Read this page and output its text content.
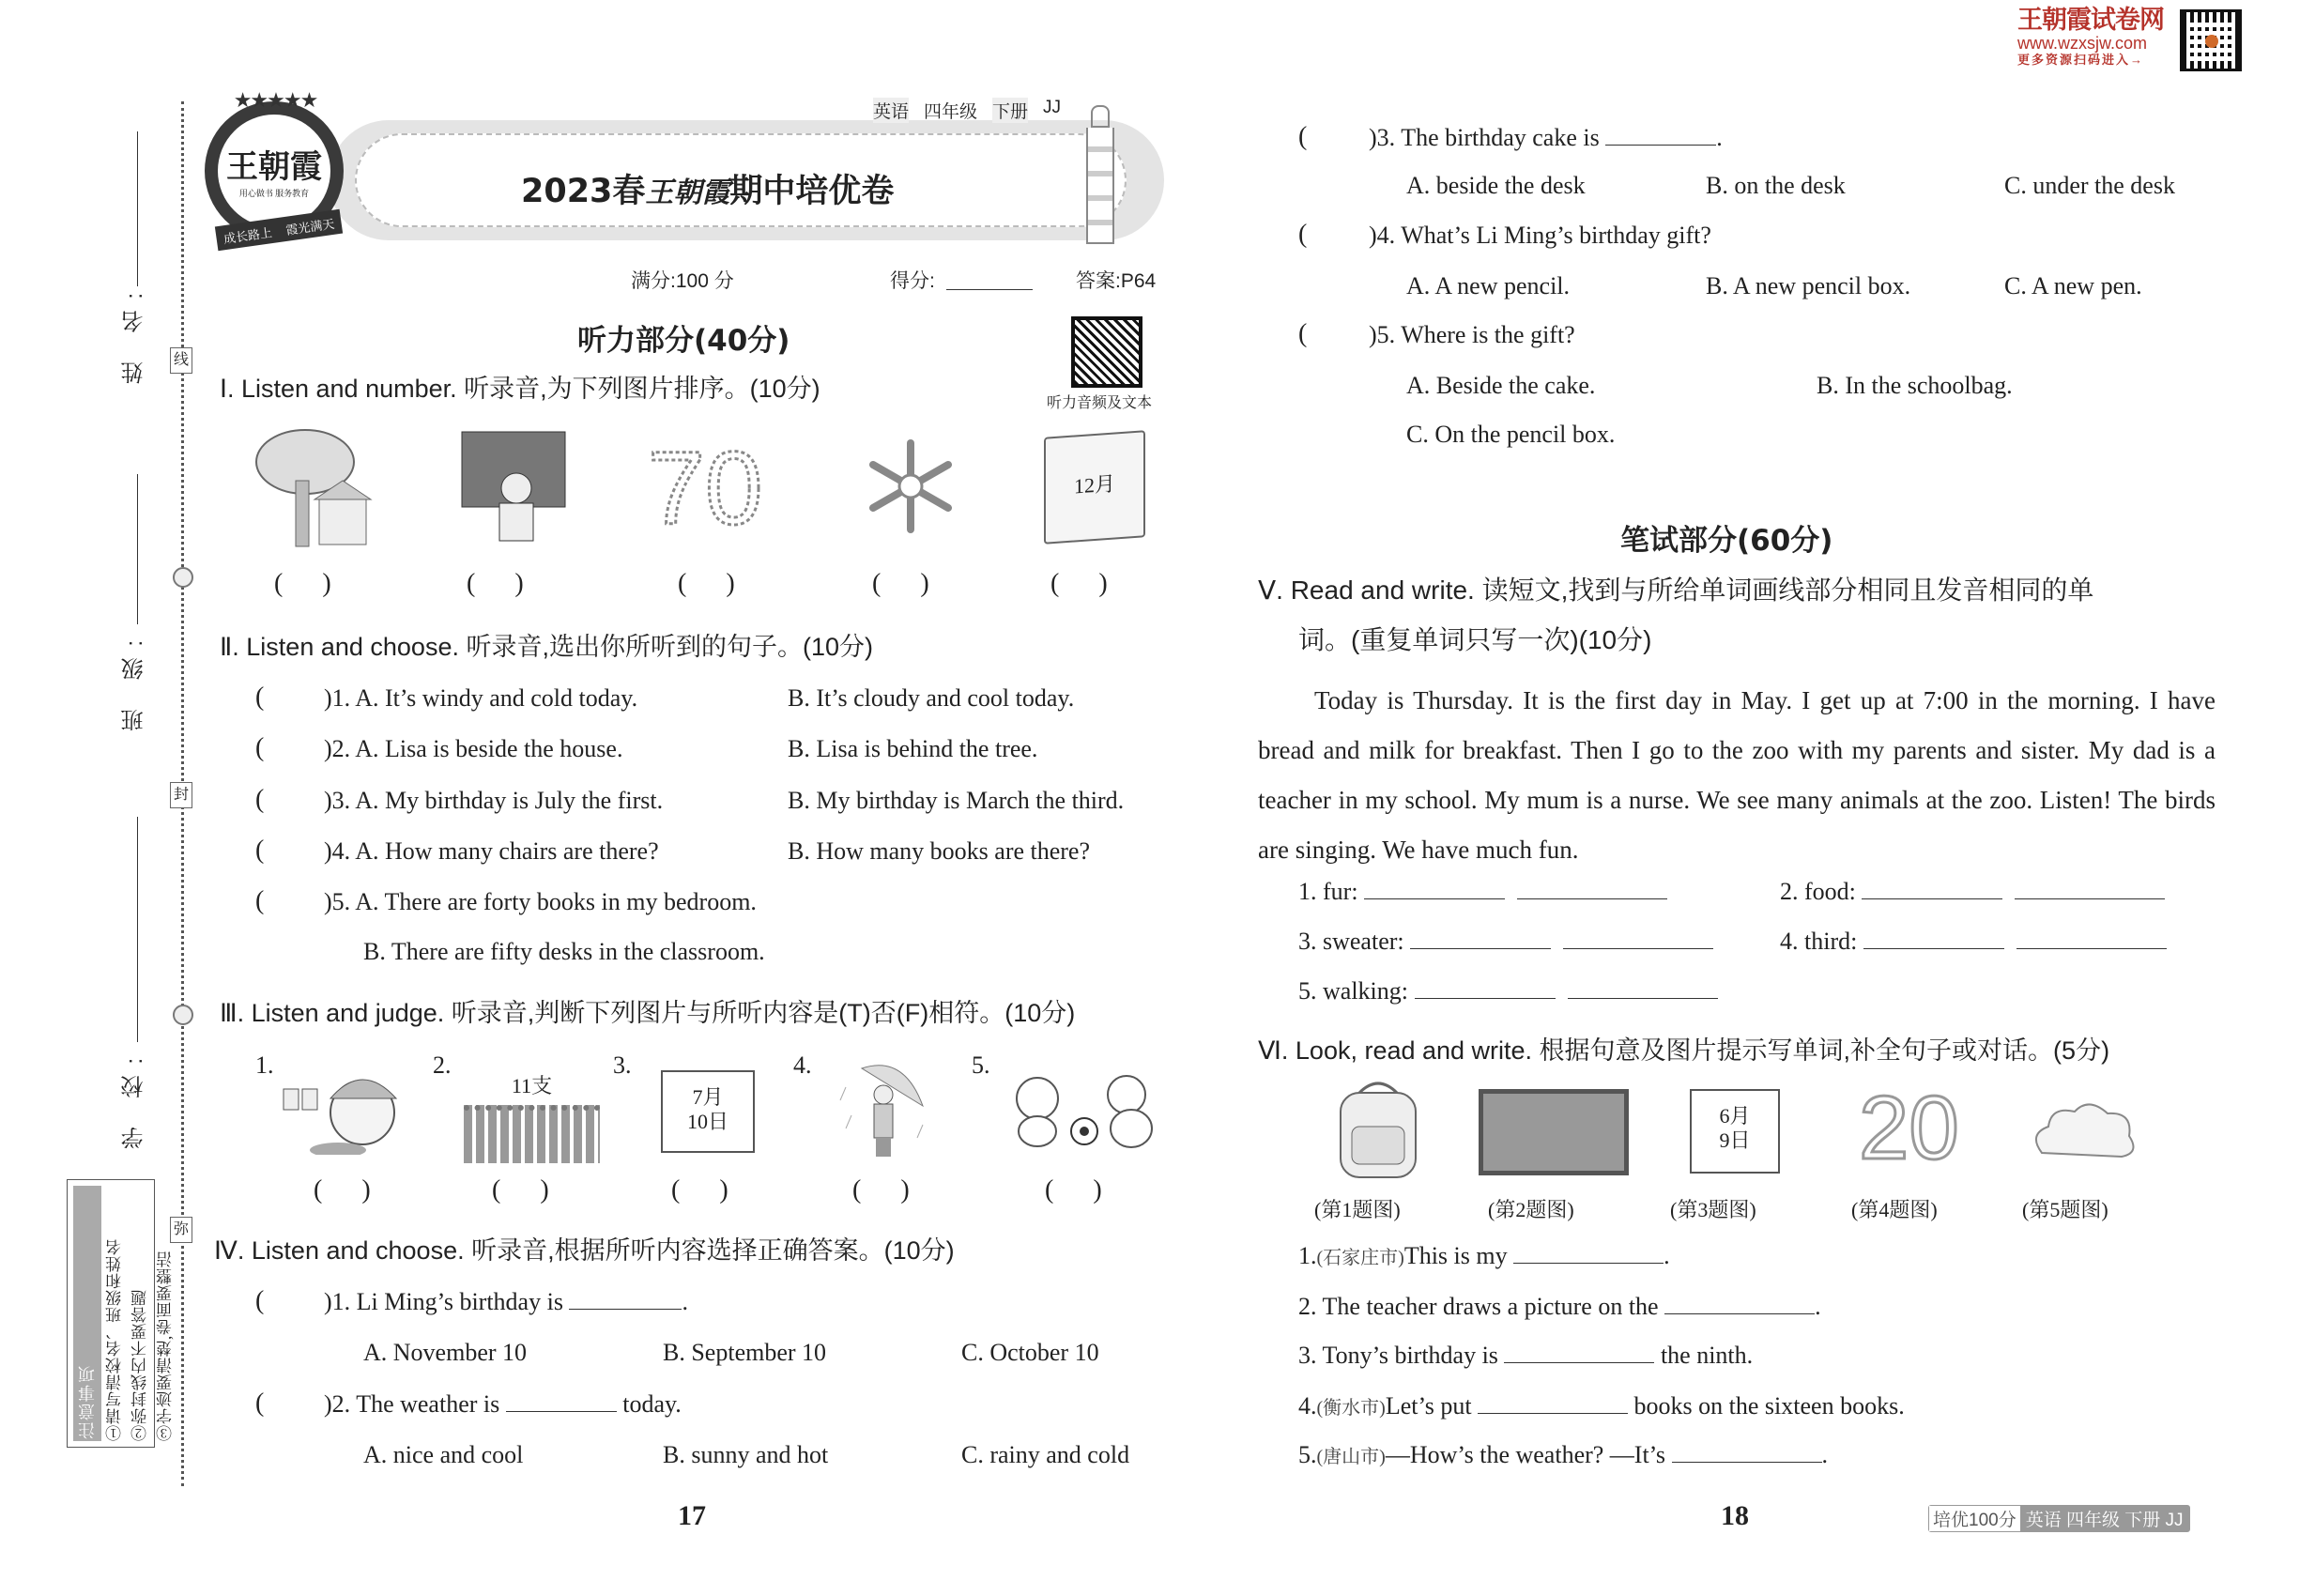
王朝霞试卷网
www.wzxsjw.com
更多资源扫码进入→
线
封
弥
姓 名:
班 级:
学 校:
注意事项 ①请写清校名、班级和姓名 ②弥封线内不要答题 ③字迹要清楚,卷面要整洁
王朝霞
用心做书 服务教育
★★★★★
成长路上 霞光满天
英语 四年级 下册 JJ
2023春王朝霞期中培优卷
满分:100 分	得分:	答案:P64
听力部分(40分)
听力音频及文本
Ⅰ. Listen and number. 听录音,为下列图片排序。(10分)
70	12月
(      )	(      )	(      )	(      )	(      )
Ⅱ. Listen and choose. 听录音,选出你所听到的句子。(10分)
( )1. A. It’s windy and cold today.	B. It’s cloudy and cool today.
( )2. A. Lisa is beside the house.	B. Lisa is behind the tree.
( )3. A. My birthday is July the first.	B. My birthday is March the third.
( )4. A. How many chairs are there?	B. How many books are there?
( )5. A. There are forty books in my bedroom.
B. There are fifty desks in the classroom.
Ⅲ. Listen and judge. 听录音,判断下列图片与所听内容是(T)否(F)相符。(10分)
1.	2.	3.	4.	5.
11支	7月
10日
(      )	(      )	(      )	(      )	(      )
Ⅳ. Listen and choose. 听录音,根据所听内容选择正确答案。(10分)
( )1. Li Ming’s birthday is	.
A. November 10	B. September 10	C. October 10
( )2. The weather is	today.
A. nice and cool	B. sunny and hot	C. rainy and cold
17
(	)3. The birthday cake is	.
A. beside the desk	B. on the desk	C. under the desk
(	)4. What’s Li Ming’s birthday gift?
A. A new pencil.	B. A new pencil box.	C. A new pen.
(	)5. Where is the gift?
A. Beside the cake.	B. In the schoolbag.
C. On the pencil box.
笔试部分(60分)
Ⅴ. Read and write. 读短文,找到与所给单词画线部分相同且发音相同的单
词。(重复单词只写一次)(10分)
Today is Thursday. It is the first day in May. I get up at 7:00 in the morning. I have bread and milk for breakfast. Then I go to the zoo with my parents and sister. My dad is a teacher in my school. My mum is a nurse. We see many animals at the zoo. Listen! The birds are singing. We have much fun.
1. fur:	2. food:
3. sweater:	4. third:
5. walking:
Ⅵ. Look, read and write. 根据句意及图片提示写单词,补全句子或对话。(5分)
6月
9日	20
(第1题图)	(第2题图)	(第3题图)	(第4题图)	(第5题图)
1.(石家庄市)This is my	.
2. The teacher draws a picture on the	.
3. Tony’s birthday is	the ninth.
4.(衡水市)Let’s put	books on the sixteen books.
5.(唐山市)—How’s the weather? —It’s	.
18	培优100分 英语 四年级 下册 JJ
